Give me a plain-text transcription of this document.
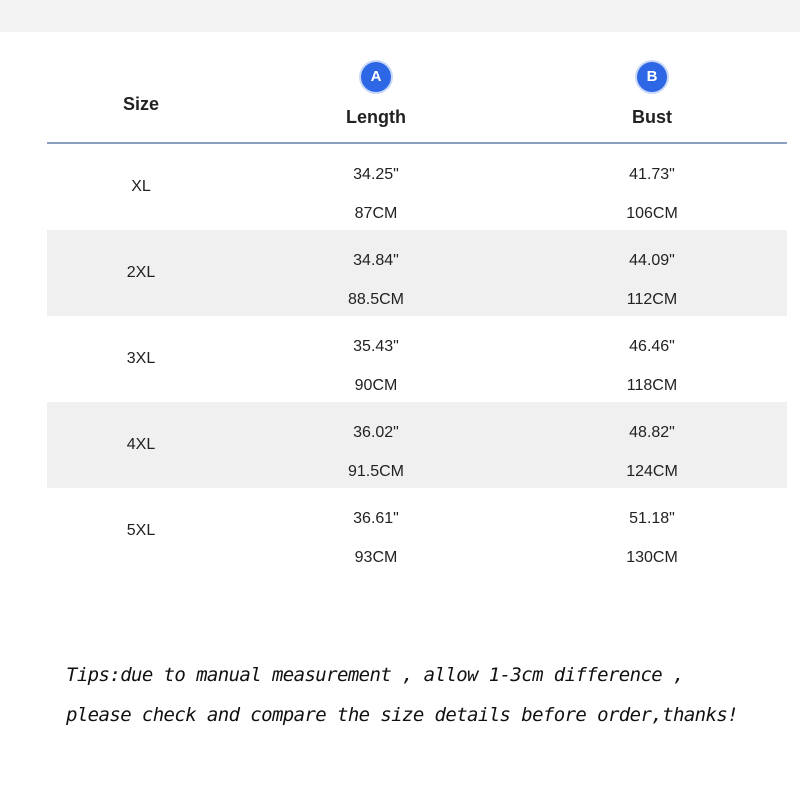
Size
A
Length
B
Bust
XL
34.25"
87CM
41.73"
106CM
2XL
34.84"
88.5CM
44.09"
112CM
3XL
35.43"
90CM
46.46"
118CM
4XL
36.02"
91.5CM
48.82"
124CM
5XL
36.61"
93CM
51.18"
130CM
Tips:due to manual measurement , allow 1-3cm difference ,
please check and compare the size details before order,thanks!
